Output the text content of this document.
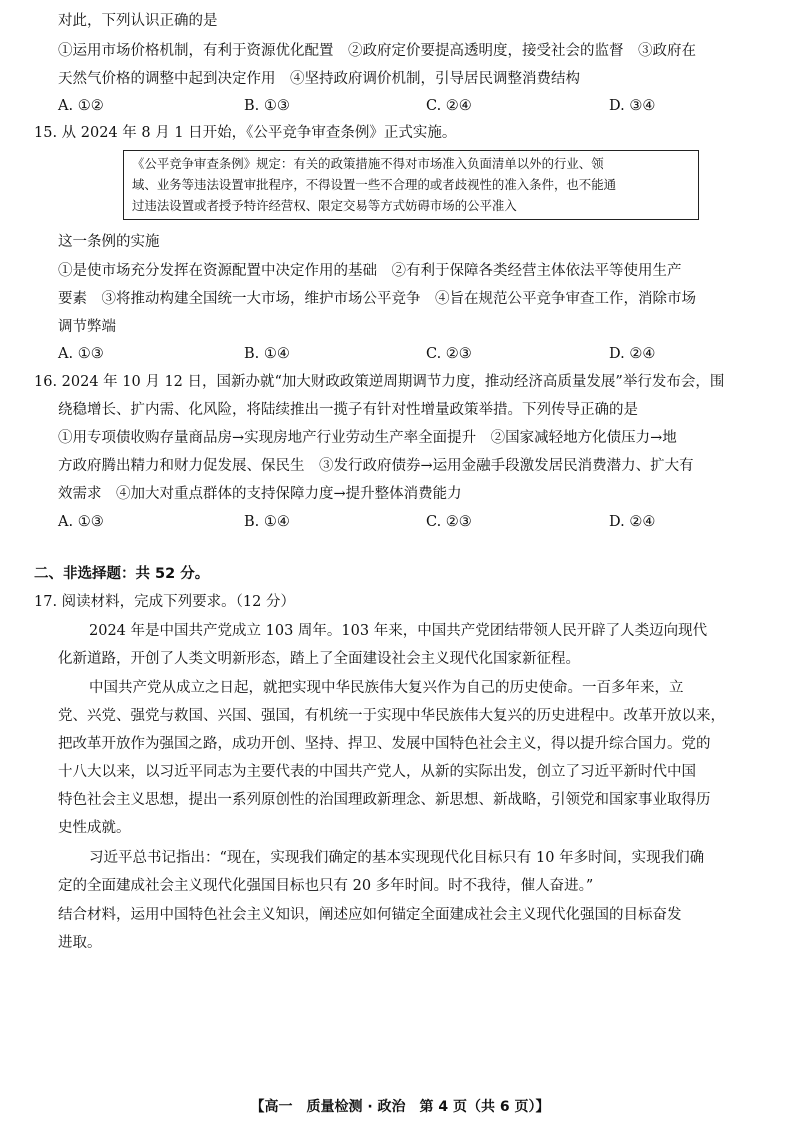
对此，下列认识正确的是
①运用市场价格机制，有利于资源优化配置　②政府定价要提高透明度，接受社会的监督　③政府在
天然气价格的调整中起到决定作用　④坚持政府调价机制，引导居民调整消费结构
A. ①②	B. ①③	C. ②④	D. ③④
15. 从 2024 年 8 月 1 日开始，《公平竞争审查条例》正式实施。
《公平竞争审查条例》规定：有关的政策措施不得对市场准入负面清单以外的行业、领
域、业务等违法设置审批程序，不得设置一些不合理的或者歧视性的准入条件，也不能通
过违法设置或者授予特许经营权、限定交易等方式妨碍市场的公平准入
这一条例的实施
①是使市场充分发挥在资源配置中决定作用的基础　②有利于保障各类经营主体依法平等使用生产
要素　③将推动构建全国统一大市场，维护市场公平竞争　④旨在规范公平竞争审查工作，消除市场
调节弊端
A. ①③	B. ①④	C. ②③	D. ②④
16. 2024 年 10 月 12 日，国新办就“加大财政政策逆周期调节力度，推动经济高质量发展”举行发布会，围
绕稳增长、扩内需、化风险，将陆续推出一揽子有针对性增量政策举措。下列传导正确的是
①用专项债收购存量商品房→实现房地产行业劳动生产率全面提升　②国家减轻地方化债压力→地
方政府腾出精力和财力促发展、保民生　③发行政府债券→运用金融手段激发居民消费潜力、扩大有
效需求　④加大对重点群体的支持保障力度→提升整体消费能力
A. ①③	B. ①④	C. ②③	D. ②④
二、非选择题：共 52 分。
17. 阅读材料，完成下列要求。（12 分）
2024 年是中国共产党成立 103 周年。103 年来，中国共产党团结带领人民开辟了人类迈向现代
化新道路，开创了人类文明新形态，踏上了全面建设社会主义现代化国家新征程。
中国共产党从成立之日起，就把实现中华民族伟大复兴作为自己的历史使命。一百多年来，立
党、兴党、强党与救国、兴国、强国，有机统一于实现中华民族伟大复兴的历史进程中。改革开放以来，
把改革开放作为强国之路，成功开创、坚持、捍卫、发展中国特色社会主义，得以提升综合国力。党的
十八大以来，以习近平同志为主要代表的中国共产党人，从新的实际出发，创立了习近平新时代中国
特色社会主义思想，提出一系列原创性的治国理政新理念、新思想、新战略，引领党和国家事业取得历
史性成就。
习近平总书记指出：“现在，实现我们确定的基本实现现代化目标只有 10 年多时间，实现我们确
定的全面建成社会主义现代化强国目标也只有 20 多年时间。时不我待，催人奋进。”
结合材料，运用中国特色社会主义知识，阐述应如何锚定全面建成社会主义现代化强国的目标奋发
进取。
【高一　质量检测 · 政治　第 4 页（共 6 页）】
